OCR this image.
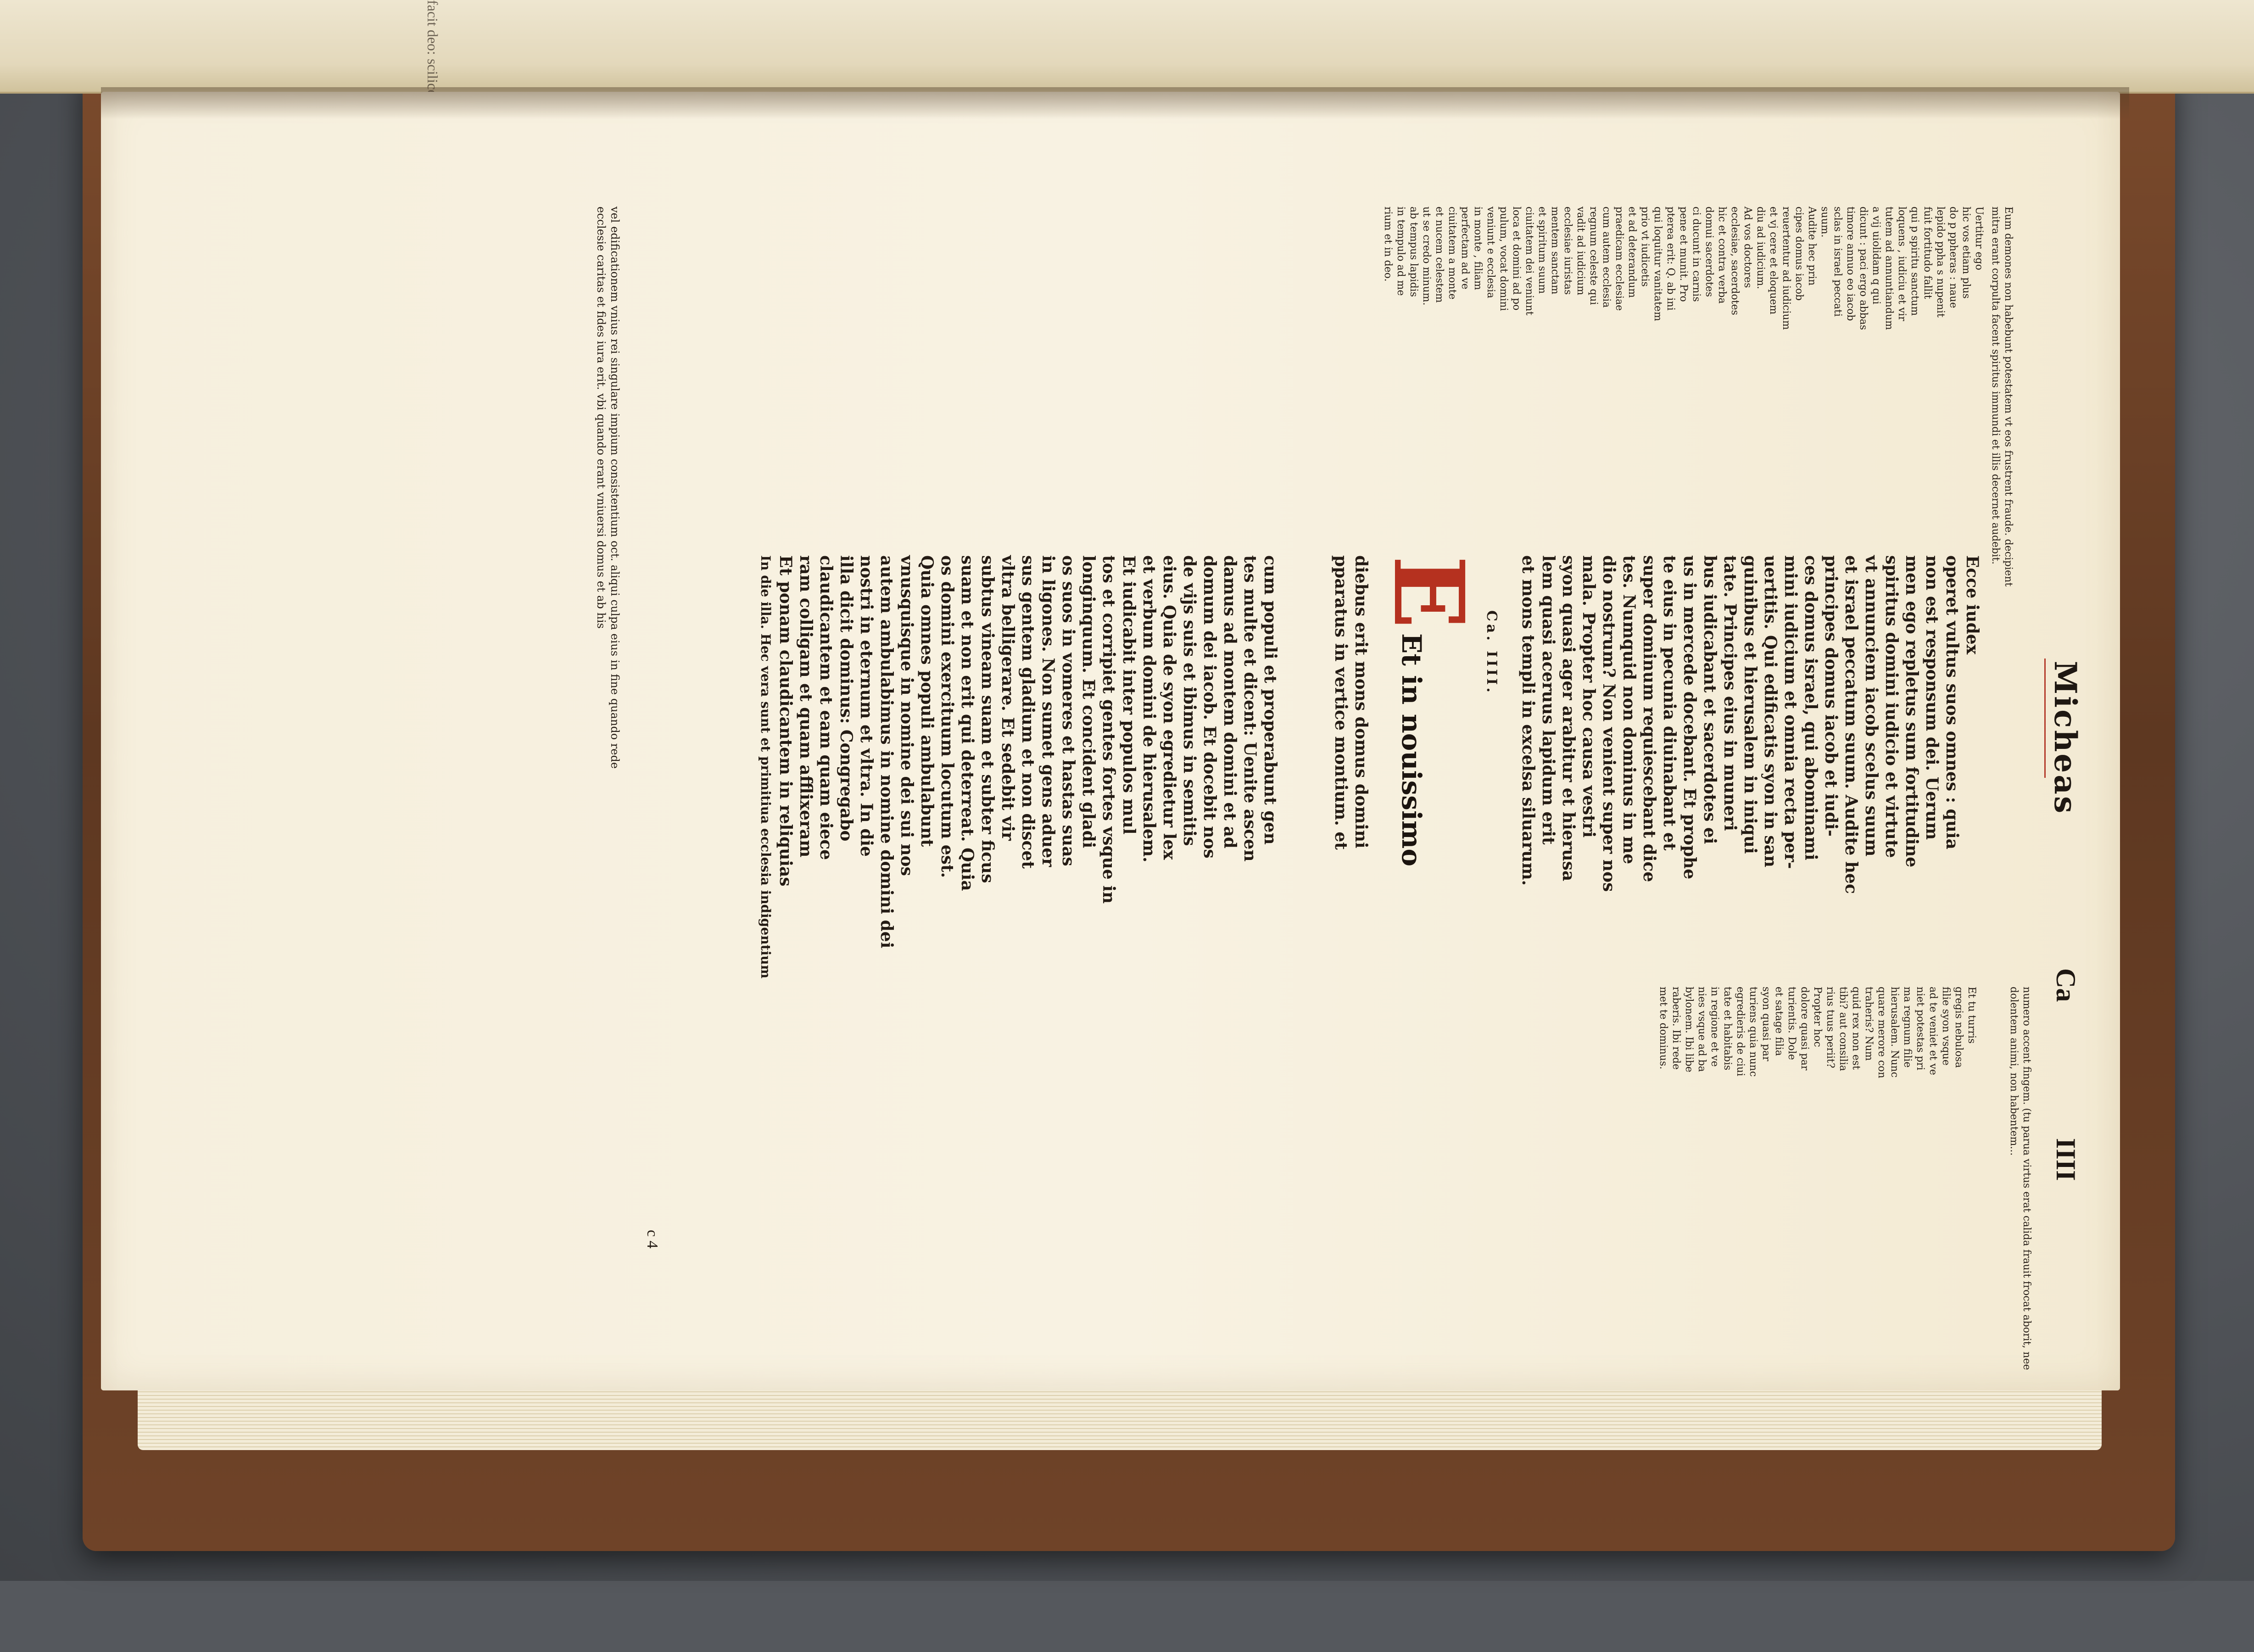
Micheas
Ca
IIII
numero accent fingem. (tu parua virtus erat calida frauit frocat aborit, nee
dolentem animi, non habentem...
Eum demones non habebunt potestatem vt eos frustrent fraude. decipient
mitra erant corpulta facent spiritus immundi et illis decernet audebit.
Uertitur ego
hic vos etiam plus
do p ppheras : naue
lepido ppha s nupenit
fuit fortitudo fallit
qui p spiritu sanctum
loquens , iudiciu et vir
tutem ad annuntiandum
a vij uiolidam q qui
dicunt : paci ergo abbas
timore annuo eo iacob
sclas in israel peccati
suum.
Audite hec prin
cipes domus iacob
reuertentur ad iudicium
et vj cere et eloquem
diu ad iudicium.
Ad vos doctores
ecclesiae, sacerdotes
hic et contra verba
domui sacerdotes
ci ducunt in carnis
pene et munit. Pro
pterea erit: Q. ab ini
qui loquitur vanitatem
prio vt iudicetis
et ad deterandum
praedicam ecclesiae
cum autem ecclesia
regnum celeste qui
vadit ad iudicium
ecclesiae iuristas
mentem sanctam
et spiritum suum
ciuitatem dei veniunt
loca et domini ad po
pulum, vocat domini
veniunt e ecclesia
in monte , filiam
perfectam ad ve
ciuitatem a monte
et nucem celestem
ut se credo minum.
ab tempus lapidis
in tempulo ad me
rium et in deo.
Ecce iudex
operet vultus suos omnes : quia
non est responsum dei. Uerum
men ego repletus sum fortitudine
spiritus domini iudicio et virtute
vt annunciem iacob scelus suum
et israel peccatum suum. Audite hec
principes domus iacob et iudi-
ces domus israel, qui abominami
mini iudicium et omnia recta per-
uertitis. Qui edificatis syon in san
guinibus et hierusalem in iniqui
tate. Principes eius in muneri
bus iudicabant et sacerdotes ei
us in mercede docebant. Et prophe
te eius in pecunia diuinabant et
super dominum requiescebant dice
tes. Numquid non dominus in me
dio nostrum? Non venient super nos
mala. Propter hoc causa vestri
syon quasi ager arabitur et hierusa
lem quasi aceruus lapidum erit
et mons templi in excelsa siluarum.
Ca. IIII.
E
Et in nouissimo
diebus erit mons domus domini
pparatus in vertice montium. et
cum populi et properabunt gen
tes multe et dicent: Uenite ascen
damus ad montem domini et ad
domum dei iacob. Et docebit nos
de vijs suis et ibimus in semitis
eius. Quia de syon egredietur lex
et verbum domini de hierusalem.
Et iudicabit inter populos mul
tos et corripiet gentes fortes vsque in
longinquum. Et concident gladi
os suos in vomeres et hastas suas
in ligones. Non sumet gens aduer
sus gentem gladium et non discet
vltra belligerare. Et sedebit vir
subtus vineam suam et subter ficus
suam et non erit qui deterreat. Quia
os domini exercituum locutum est.
Quia omnes populi ambulabunt
vnusquisque in nomine dei sui nos
autem ambulabimus in nomine domini dei
nostri in eternum et vltra. In die
illa dicit dominus: Congregabo
claudicantem et eam quam eiece
ram colligam et quam afflixeram
Et ponam claudicantem in reliquias
In die illa. Hec vera sunt et primitiua ecclesia indigentium
Et tu turris
gregis nebulosa
filie syon vsque
ad te veniet et ve
niet potestas pri
ma regnum filie
hierusalem. Nunc
quare merore con
traheris? Num
quid rex non est
tibi? aut consilia
rius tuus periit?
Propter hoc
dolore quasi par
turientis. Dole
et satage filia
syon quasi par
turiens quia nunc
egredieris de ciui
tate et habitabis
in regione et ve
nies vsque ad ba
bylonem. Ibi libe
raberis. Ibi rede
met te dominus.
vel edificationem vnius rei singulare impium consistentium oct. aliqui culpa eius in fine quando rede
ecclesie caritas et fides iura erit. vbi quando erant vniuersi domus et ab his
c 4
